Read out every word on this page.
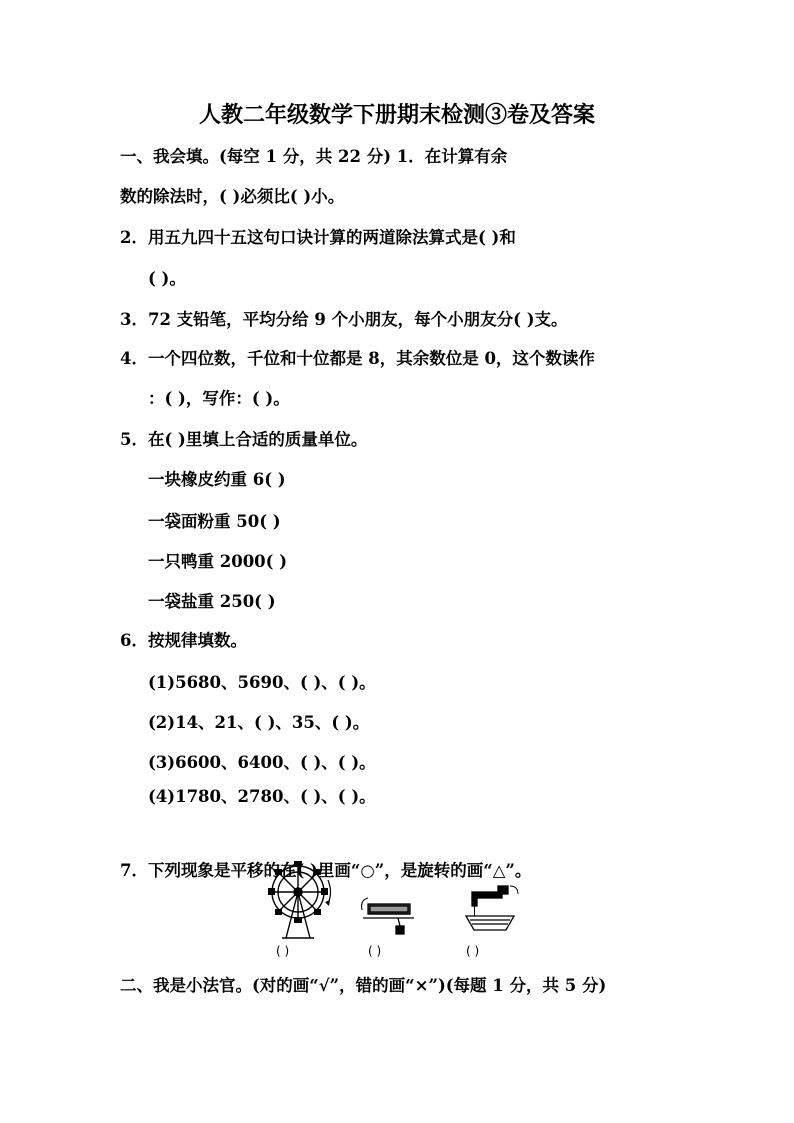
人教二年级数学下册期末检测③卷及答案
一、我会填。(每空 1 分，共 22 分) 1．在计算有余
数的除法时，( )必须比( )小。
2．用五九四十五这句口诀计算的两道除法算式是( )和
( )。
3．72 支铅笔，平均分给 9 个小朋友，每个小朋友分( )支。
4．一个四位数，千位和十位都是 8，其余数位是 0，这个数读作
：( )，写作：( )。
5．在( )里填上合适的质量单位。
一块橡皮约重 6( )
一袋面粉重 50( )
一只鸭重 2000( )
一袋盐重 250( )
6．按规律填数。
(1)5680、5690、( )、( )。
(2)14、21、( )、35、( )。
(3)6600、6400、( )、( )。
(4)1780、2780、( )、( )。
7．下列现象是平移的在( )里画“○”，是旋转的画“△”。
( )	( )	( )
二、我是小法官。(对的画“√”，错的画“×”)(每题 1 分，共 5 分)
